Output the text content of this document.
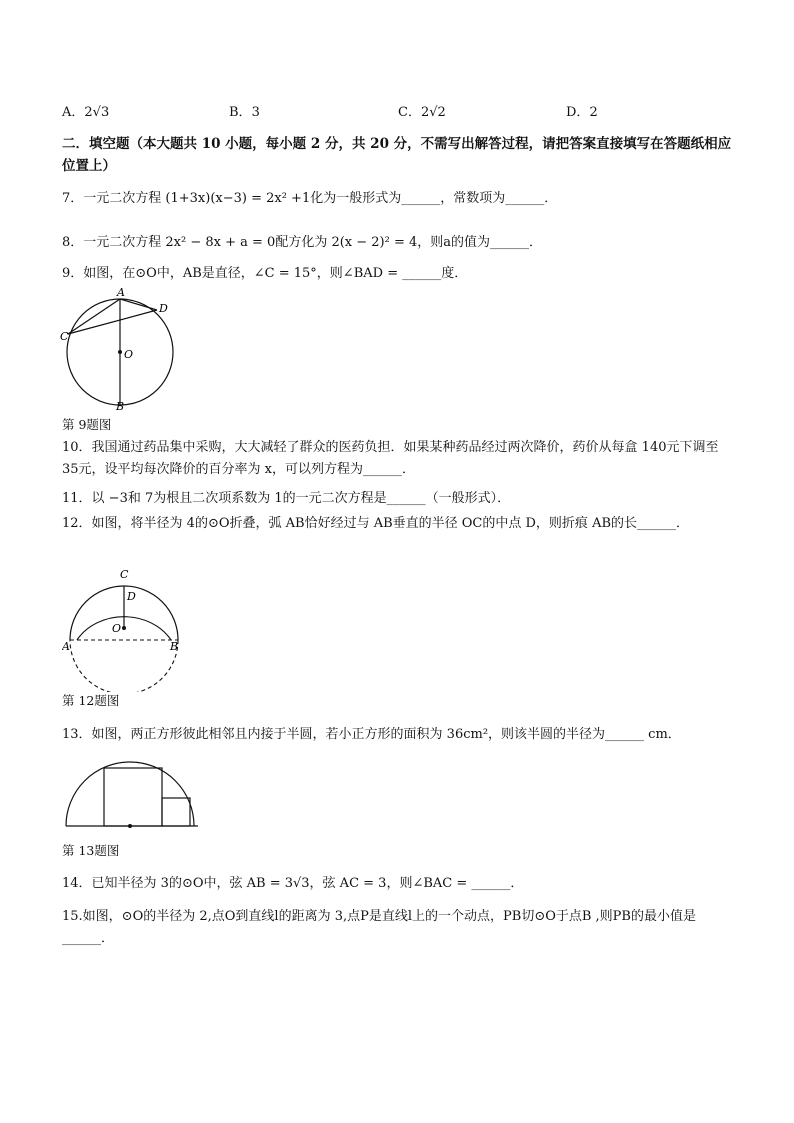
A．2√3	B．3	C．2√2	D．2
二．填空题（本大题共 10 小题，每小题 2 分，共 20 分，不需写出解答过程，请把答案直接填写在答题纸相应位置上）
7．一元二次方程 (1+3x)(x−3) = 2x² +1化为一般形式为______，常数项为______．
8．一元二次方程 2x² − 8x + a = 0配方化为 2(x − 2)² = 4，则a的值为______．
9．如图，在⊙O中，AB是直径，∠C = 15°，则∠BAD = ______度．
A
B
C
D
O
第 9题图
10．我国通过药品集中采购，大大减轻了群众的医药负担．如果某种药品经过两次降价，药价从每盒 140元下调至 35元，设平均每次降价的百分率为 x，可以列方程为______．
11．以 −3和 7为根且二次项系数为 1的一元二次方程是______（一般形式）．
12．如图，将半径为 4的⊙O折叠，弧 AB恰好经过与 AB垂直的半径 OC的中点 D，则折痕 AB的长______．
C
D
O
A	B
第 12题图
13．如图，两正方形彼此相邻且内接于半圆，若小正方形的面积为 36cm²，则该半圆的半径为______ cm．
第 13题图
14．已知半径为 3的⊙O中，弦 AB = 3√3，弦 AC = 3，则∠BAC = ______．
15.如图，⊙O的半径为 2,点O到直线l的距离为 3,点P是直线l上的一个动点，PB切⊙O于点B ,则PB的最小值是______．
